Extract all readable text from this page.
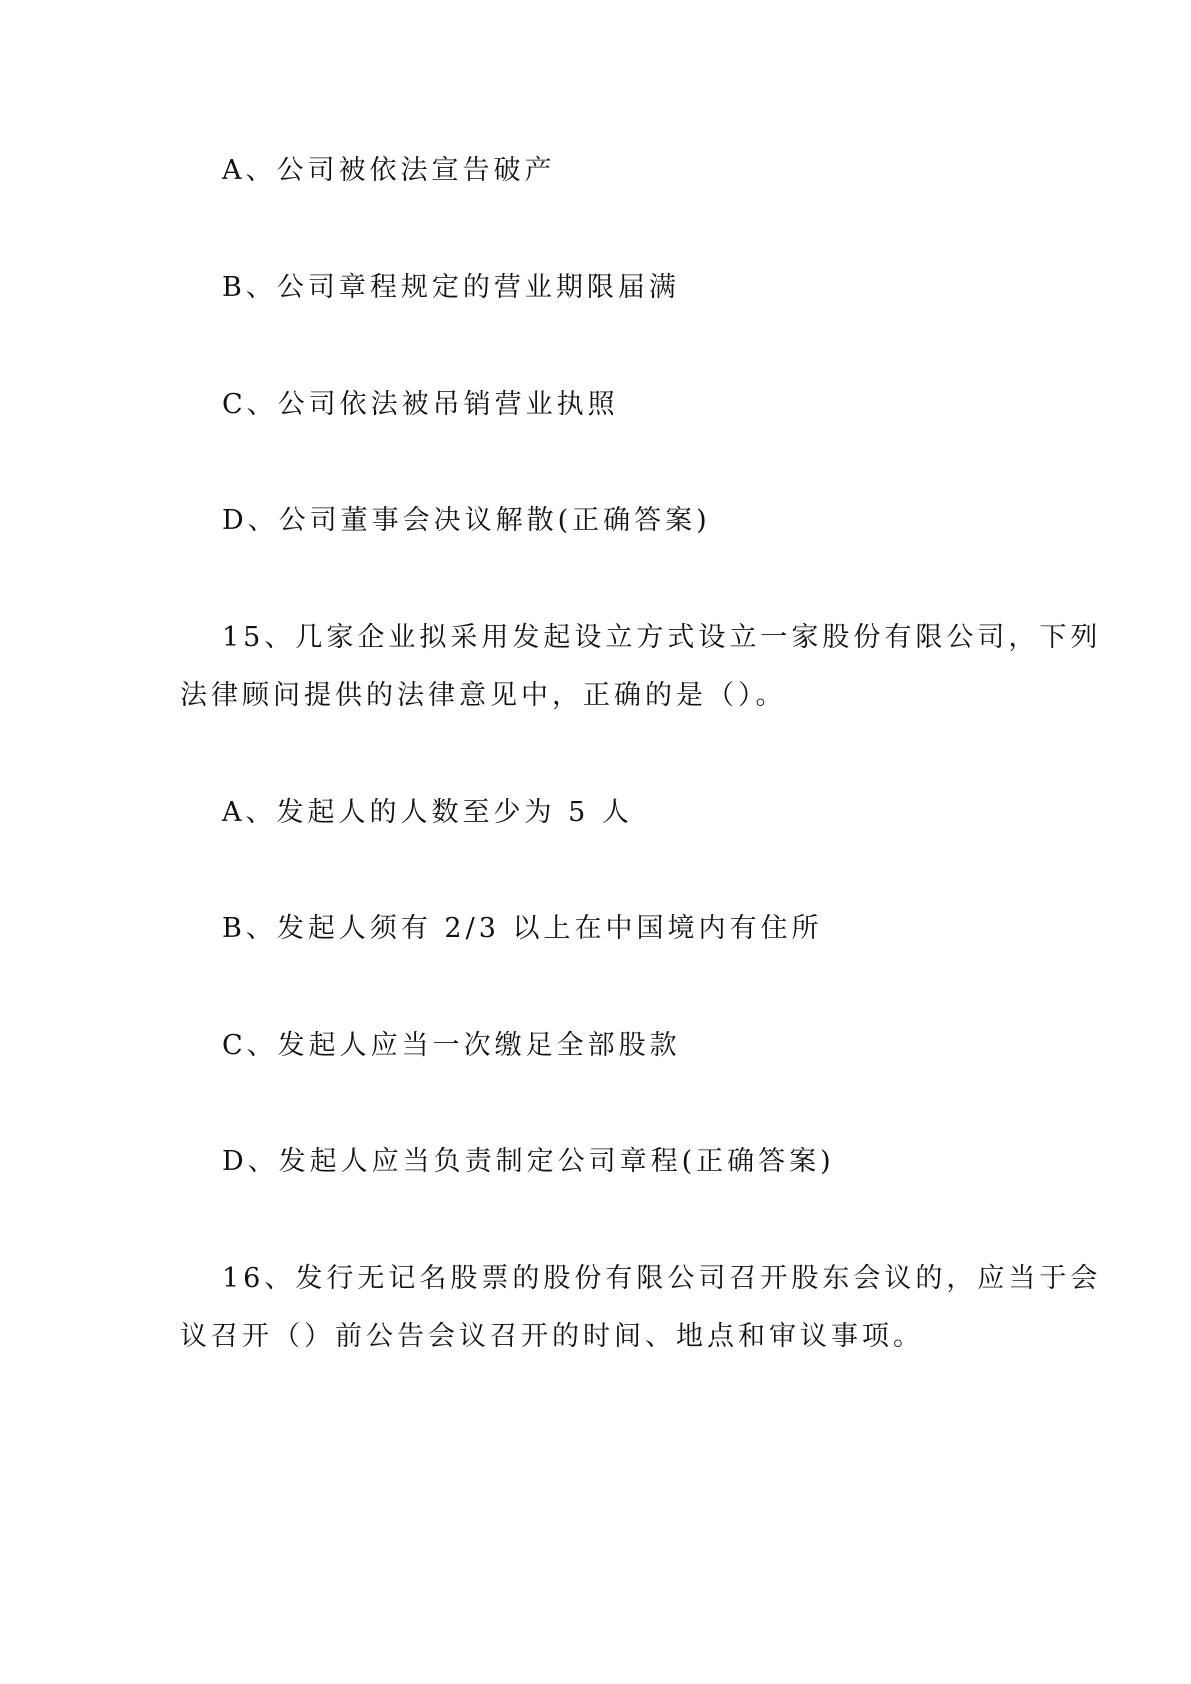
A、公司被依法宣告破产

B、公司章程规定的营业期限届满

C、公司依法被吊销营业执照

D、公司董事会决议解散(正确答案)

15、几家企业拟采用发起设立方式设立一家股份有限公司，下列

法律顾问提供的法律意见中，正确的是（）。

A、发起人的人数至少为 5 人

B、发起人须有 2/3 以上在中国境内有住所

C、发起人应当一次缴足全部股款

D、发起人应当负责制定公司章程(正确答案)

16、发行无记名股票的股份有限公司召开股东会议的，应当于会

议召开（）前公告会议召开的时间、地点和审议事项。
